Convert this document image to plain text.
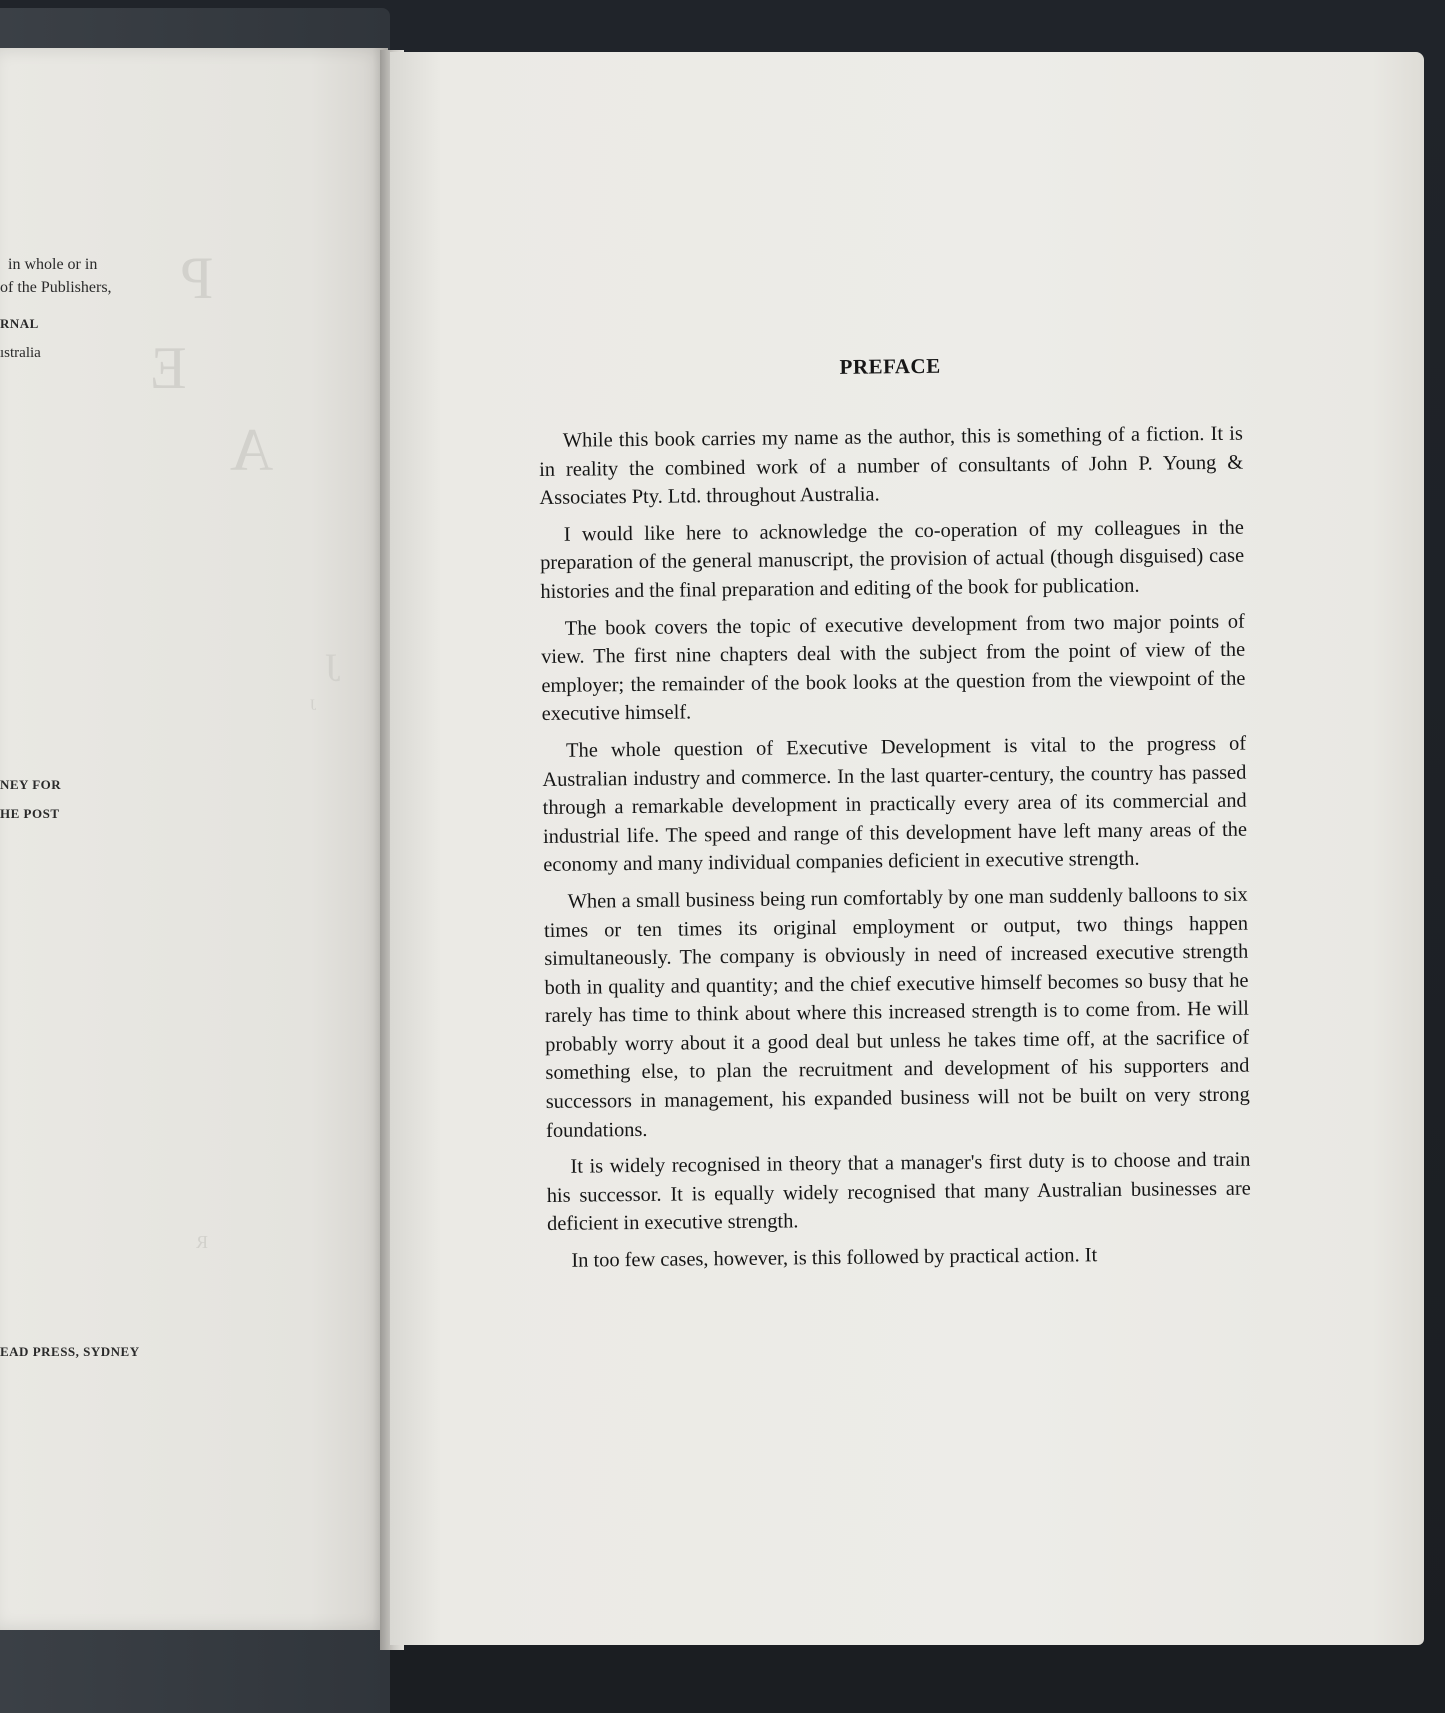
P
E
A
J
J
R
in whole or in
of the Publishers,
RNAL
ıstralia
NEY FOR
HE POST
EAD PRESS, SYDNEY

PREFACE

While this book carries my name as the author, this is something of a fiction. It is in reality the combined work of a number of consultants of John P. Young & Associates Pty. Ltd. throughout Australia.

I would like here to acknowledge the co-operation of my colleagues in the preparation of the general manuscript, the provision of actual (though disguised) case histories and the final preparation and editing of the book for publication.

The book covers the topic of executive development from two major points of view. The first nine chapters deal with the subject from the point of view of the employer; the remainder of the book looks at the question from the viewpoint of the executive himself.

The whole question of Executive Development is vital to the progress of Australian industry and commerce. In the last quarter-century, the country has passed through a remarkable development in practically every area of its commercial and industrial life. The speed and range of this development have left many areas of the economy and many individual companies deficient in executive strength.

When a small business being run comfortably by one man suddenly balloons to six times or ten times its original employment or output, two things happen simultaneously. The company is obviously in need of increased executive strength both in quality and quantity; and the chief executive himself becomes so busy that he rarely has time to think about where this increased strength is to come from. He will probably worry about it a good deal but unless he takes time off, at the sacrifice of something else, to plan the recruitment and development of his supporters and successors in management, his expanded business will not be built on very strong foundations.

It is widely recognised in theory that a manager's first duty is to choose and train his successor. It is equally widely recognised that many Australian businesses are deficient in executive strength.

In too few cases, however, is this followed by practical action. It
